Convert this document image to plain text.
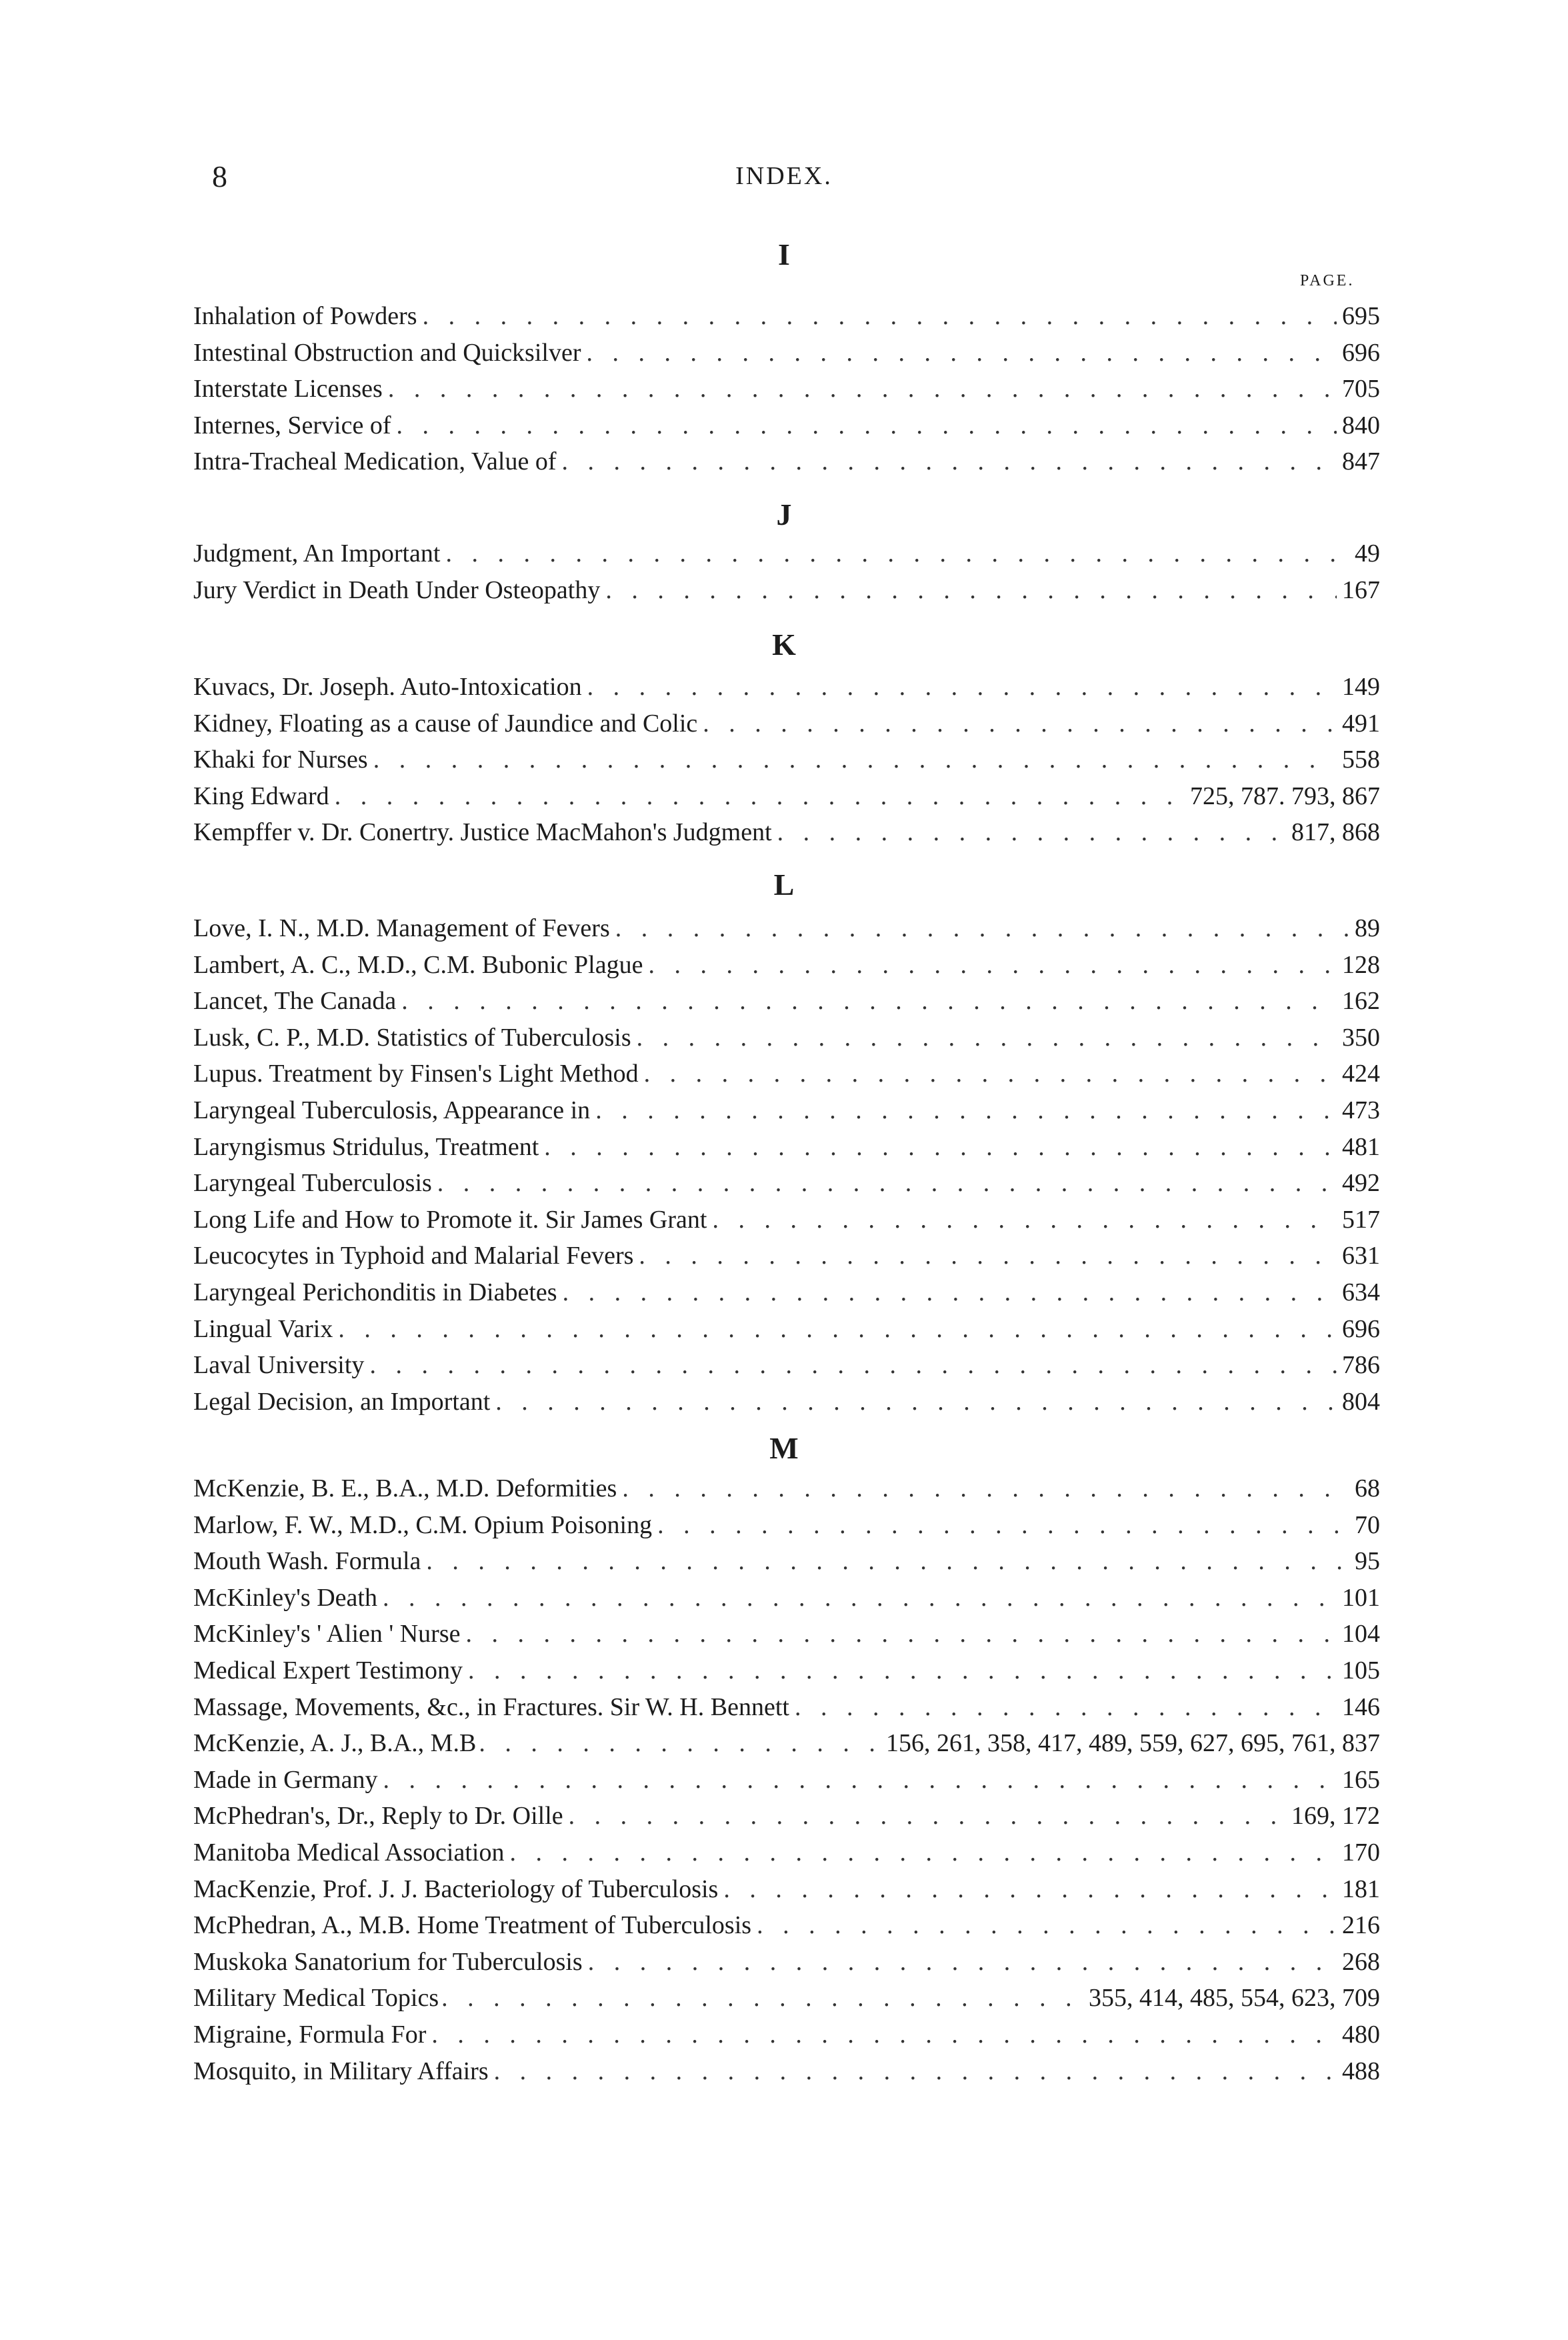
8	INDEX.
PAGE.
I
Inhalation of Powders . . .	695
Intestinal Obstruction and Quicksilver . . .	696
Interstate Licenses . . .	705
Internes, Service of . . .	840
Intra-Tracheal Medication, Value of . . .	847
J
Judgment, An Important . . .	49
Jury Verdict in Death Under Osteopathy . . .	167
K
Kuvacs, Dr. Joseph. Auto-Intoxication . . .	149
Kidney, Floating as a cause of Jaundice and Colic . . .	491
Khaki for Nurses . . .	558
King Edward . . .	725, 787. 793, 867
Kempffer v. Dr. Conertry. Justice MacMahon's Judgment . . .	817, 868
L
Love, I. N., M.D. Management of Fevers . . .	89
Lambert, A. C., M.D., C.M. Bubonic Plague . . .	128
Lancet, The Canada . . .	162
Lusk, C. P., M.D. Statistics of Tuberculosis . . .	350
Lupus. Treatment by Finsen's Light Method . . .	424
Laryngeal Tuberculosis, Appearance in . . .	473
Laryngismus Stridulus, Treatment . . .	481
Laryngeal Tuberculosis . . .	492
Long Life and How to Promote it. Sir James Grant . . .	517
Leucocytes in Typhoid and Malarial Fevers . . .	631
Laryngeal Perichonditis in Diabetes . . .	634
Lingual Varix . . .	696
Laval University . . .	786
Legal Decision, an Important . . .	804
M
McKenzie, B. E., B.A., M.D. Deformities . . .	68
Marlow, F. W., M.D., C.M. Opium Poisoning . . .	70
Mouth Wash. Formula . . .	95
McKinley's Death . . .	101
McKinley's ' Alien ' Nurse . . .	104
Medical Expert Testimony . . .	105
Massage, Movements, &c., in Fractures. Sir W. H. Bennett . . .	146
McKenzie, A. J., B.A., M.B . . .	156, 261, 358, 417, 489, 559, 627, 695, 761, 837
Made in Germany . . .	165
McPhedran's, Dr., Reply to Dr. Oille . . .	169, 172
Manitoba Medical Association . . .	170
MacKenzie, Prof. J. J. Bacteriology of Tuberculosis . . .	181
McPhedran, A., M.B. Home Treatment of Tuberculosis . . .	216
Muskoka Sanatorium for Tuberculosis . . .	268
Military Medical Topics . . .	355, 414, 485, 554, 623, 709
Migraine, Formula For . . .	480
Mosquito, in Military Affairs . . .	488
